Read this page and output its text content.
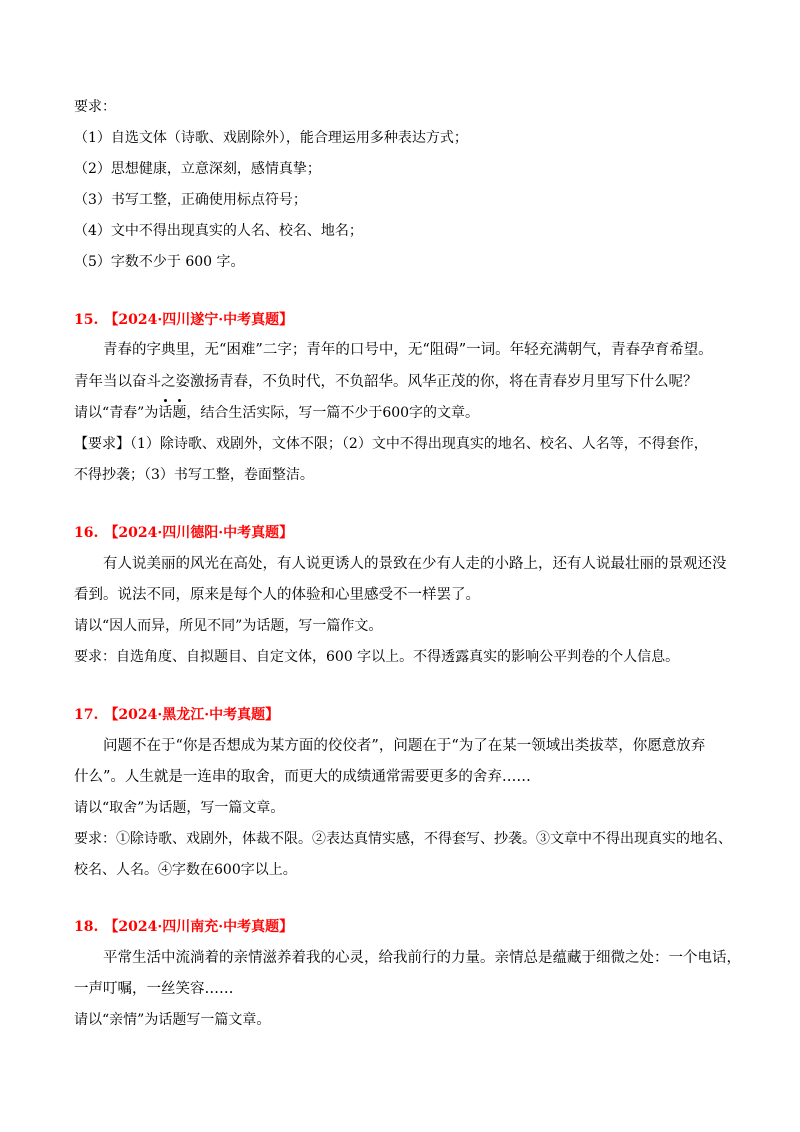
要求：
（1）自选文体（诗歌、戏剧除外），能合理运用多种表达方式；
（2）思想健康，立意深刻，感情真挚；
（3）书写工整，正确使用标点符号；
（4）文中不得出现真实的人名、校名、地名；
（5）字数不少于 600 字。
15. 【2024·四川遂宁·中考真题】
青春的字典里，无“困难”二字；青年的口号中，无“阻碍”一词。年轻充满朝气，青春孕育希望。
青年当以奋斗之姿激扬青春，不负时代，不负韶华。风华正茂的你，将在青春岁月里写下什么呢？
请以“青春”为话题
，结合生活实际，写一篇不少于600字的文章。
【要求】（1）除诗歌、戏剧外，文体不限；（2）文中不得出现真实的地名、校名、人名等，不得套作，
不得抄袭；（3）书写工整，卷面整洁。
16. 【2024·四川德阳·中考真题】
有人说美丽的风光在高处，有人说更诱人的景致在少有人走的小路上，还有人说最壮丽的景观还没
看到。说法不同，原来是每个人的体验和心里感受不一样罢了。
请以“因人而异，所见不同”为话题，写一篇作文。
要求：自选角度、自拟题目、自定文体，600 字以上。不得透露真实的影响公平判卷的个人信息。
17. 【2024·黑龙江·中考真题】
问题不在于“你是否想成为某方面的佼佼者”，问题在于“为了在某一领域出类拔萃，你愿意放弃
什么”。人生就是一连串的取舍，而更大的成绩通常需要更多的舍弃……
请以“取舍”为话题，写一篇文章。
要求：①除诗歌、戏剧外，体裁不限。②表达真情实感，不得套写、抄袭。③文章中不得出现真实的地名、
校名、人名。④字数在600字以上。
18. 【2024·四川南充·中考真题】
平常生活中流淌着的亲情滋养着我的心灵，给我前行的力量。亲情总是蕴藏于细微之处：一个电话，
一声叮嘱，一丝笑容……
请以“亲情”为话题写一篇文章。
